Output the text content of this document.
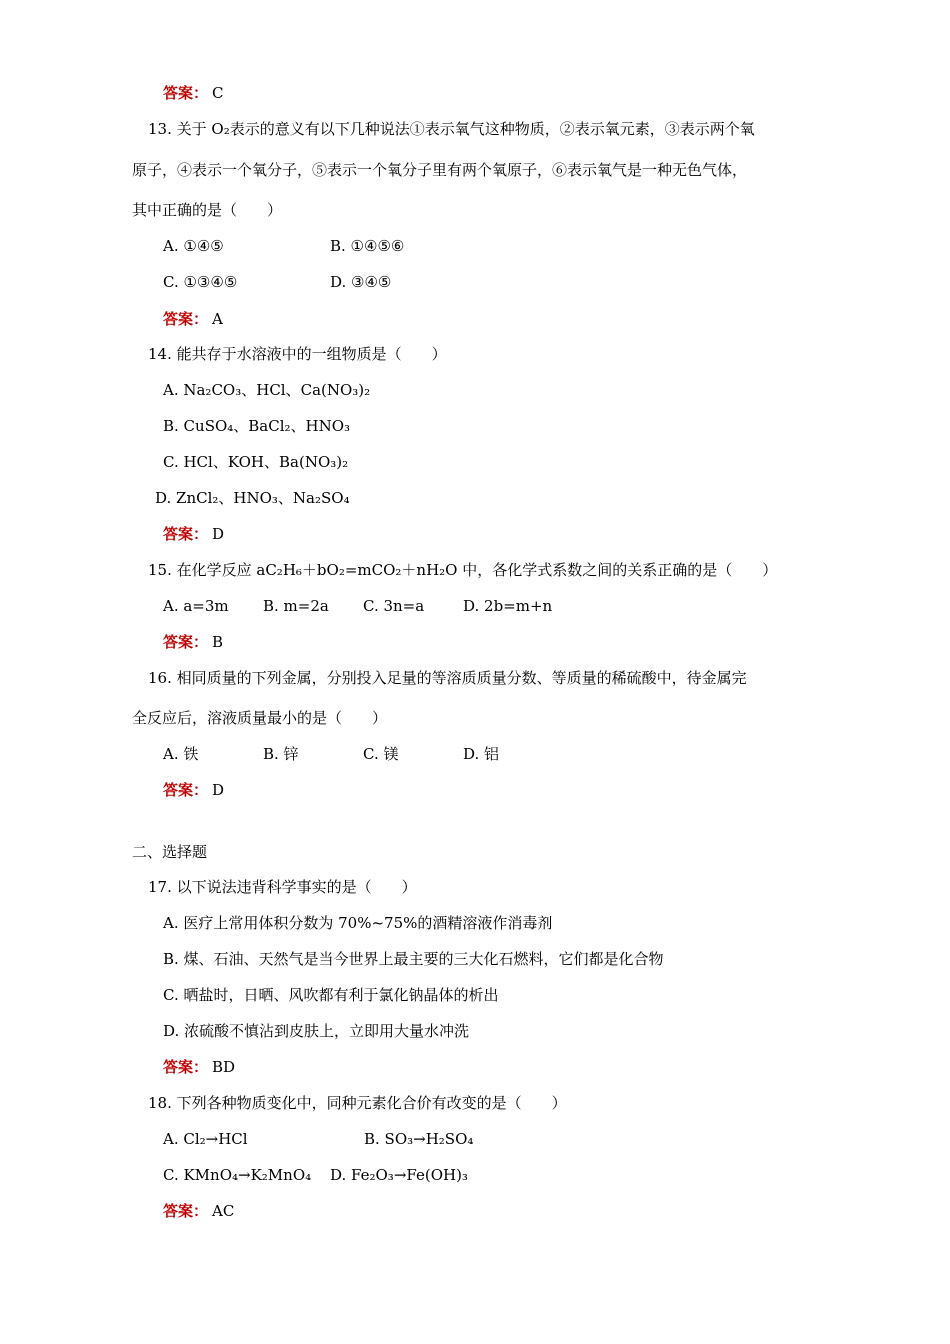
答案： C
13. 关于 O₂表示的意义有以下几种说法①表示氧气这种物质，②表示氧元素，③表示两个氧
原子，④表示一个氧分子，⑤表示一个氧分子里有两个氧原子，⑥表示氧气是一种无色气体，
其中正确的是（　　）
A. ①④⑤	B. ①④⑤⑥
C. ①③④⑤	D. ③④⑤
答案： A
14. 能共存于水溶液中的一组物质是（　　）
A. Na₂CO₃、HCl、Ca(NO₃)₂
B. CuSO₄、BaCl₂、HNO₃
C. HCl、KOH、Ba(NO₃)₂
D. ZnCl₂、HNO₃、Na₂SO₄
答案： D
15. 在化学反应 aC₂H₆＋bO₂=mCO₂＋nH₂O 中，各化学式系数之间的关系正确的是（　　）
A. a=3m B. m=2a C. 3n=a	D. 2b=m+n
答案： B
16. 相同质量的下列金属，分别投入足量的等溶质质量分数、等质量的稀硫酸中，待金属完
全反应后，溶液质量最小的是（　　）
A. 铁	B. 锌	C. 镁	D. 铝
答案： D
二、选择题
17. 以下说法违背科学事实的是（　　）
A. 医疗上常用体积分数为 70%~75%的酒精溶液作消毒剂
B. 煤、石油、天然气是当今世界上最主要的三大化石燃料，它们都是化合物
C. 晒盐时，日晒、风吹都有利于氯化钠晶体的析出
D. 浓硫酸不慎沾到皮肤上，立即用大量水冲洗
答案： BD
18. 下列各种物质变化中，同种元素化合价有改变的是（　　）
A. Cl₂→HCl	B. SO₃→H₂SO₄
C. KMnO₄→K₂MnO₄ D. Fe₂O₃→Fe(OH)₃
答案： AC
